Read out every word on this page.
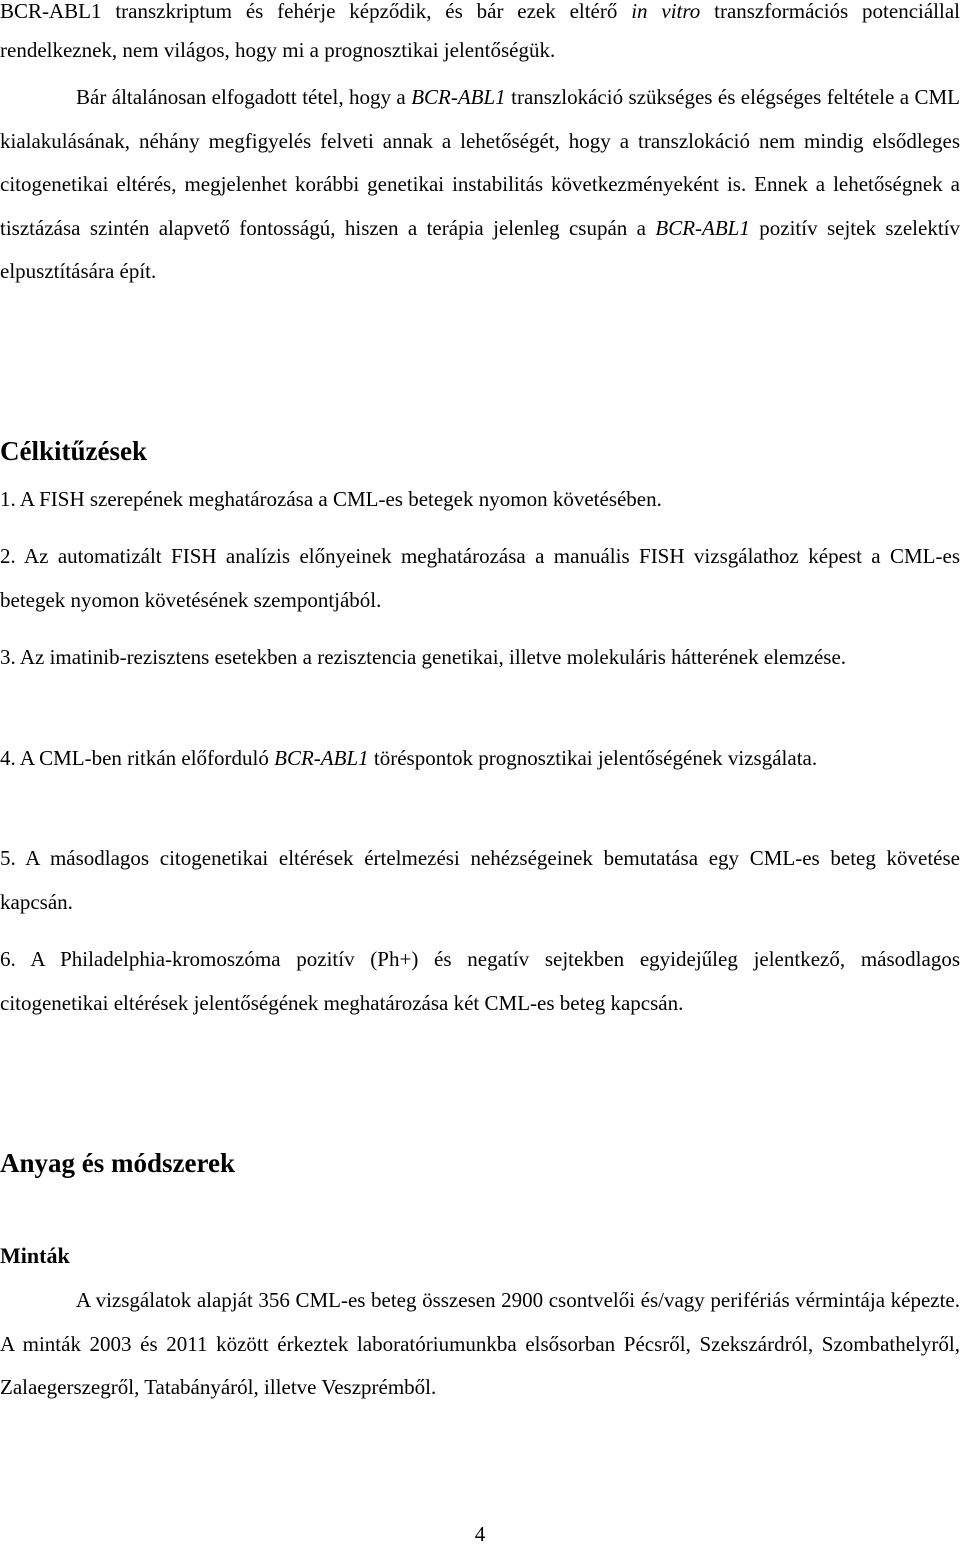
BCR-ABL1 transzkriptum és fehérje képződik, és bár ezek eltérő in vitro transzformációs potenciállal rendelkeznek, nem világos, hogy mi a prognosztikai jelentőségük.

Bár általánosan elfogadott tétel, hogy a BCR-ABL1 transzlokáció szükséges és elégséges feltétele a CML kialakulásának, néhány megfigyelés felveti annak a lehetőségét, hogy a transzlokáció nem mindig elsődleges citogenetikai eltérés, megjelenhet korábbi genetikai instabilitás következményeként is. Ennek a lehetőségnek a tisztázása szintén alapvető fontosságú, hiszen a terápia jelenleg csupán a BCR-ABL1 pozitív sejtek szelektív elpusztítására épít.

Célkitűzések

1. A FISH szerepének meghatározása a CML-es betegek nyomon követésében.

2. Az automatizált FISH analízis előnyeinek meghatározása a manuális FISH vizsgálathoz képest a CML-es betegek nyomon követésének szempontjából.

3. Az imatinib-rezisztens esetekben a rezisztencia genetikai, illetve molekuláris hátterének elemzése.

4. A CML-ben ritkán előforduló BCR-ABL1 töréspontok prognosztikai jelentőségének vizsgálata.

5. A másodlagos citogenetikai eltérések értelmezési nehézségeinek bemutatása egy CML-es beteg követése kapcsán.

6. A Philadelphia-kromoszóma pozitív (Ph+) és negatív sejtekben egyidejűleg jelentkező, másodlagos citogenetikai eltérések jelentőségének meghatározása két CML-es beteg kapcsán.

Anyag és módszerek
Minták

A vizsgálatok alapját 356 CML-es beteg összesen 2900 csontvelői és/vagy perifériás vérmintája képezte. A minták 2003 és 2011 között érkeztek laboratóriumunkba elsősorban Pécsről, Szekszárdról, Szombathelyről, Zalaegerszegről, Tatabányáról, illetve Veszprémből.

4
